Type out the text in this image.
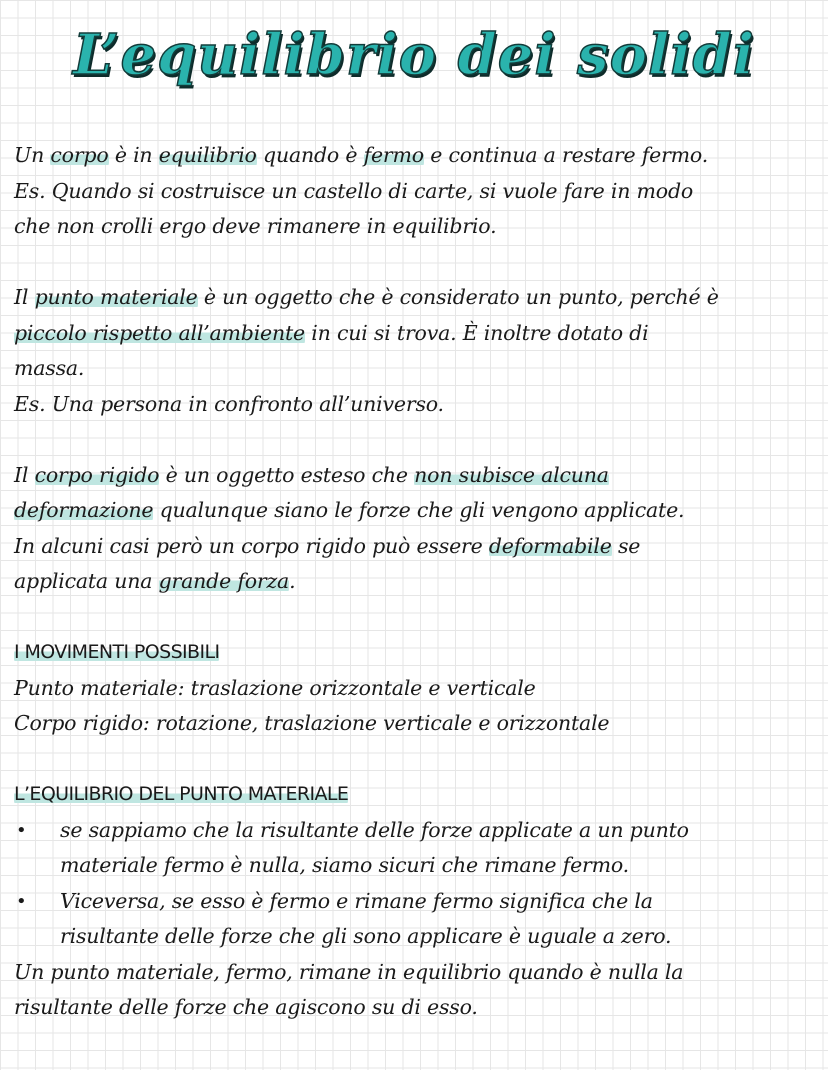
L’equilibrio dei solidi
Un corpo è in equilibrio quando è fermo e continua a restare fermo.
Es. Quando si costruisce un castello di carte, si vuole fare in modo
che non crolli ergo deve rimanere in equilibrio.
Il punto materiale è un oggetto che è considerato un punto, perché è
piccolo rispetto all’ambiente in cui si trova. È inoltre dotato di
massa.
Es. Una persona in confronto all’universo.
Il corpo rigido è un oggetto esteso che non subisce alcuna
deformazione qualunque siano le forze che gli vengono applicate.
In alcuni casi però un corpo rigido può essere deformabile se
applicata una grande forza.
I MOVIMENTI POSSIBILI
Punto materiale: traslazione orizzontale e verticale
Corpo rigido: rotazione, traslazione verticale e orizzontale
L’EQUILIBRIO DEL PUNTO MATERIALE
• se sappiamo che la risultante delle forze applicate a un punto
materiale fermo è nulla, siamo sicuri che rimane fermo.
• Viceversa, se esso è fermo e rimane fermo significa che la
risultante delle forze che gli sono applicare è uguale a zero.
Un punto materiale, fermo, rimane in equilibrio quando è nulla la
risultante delle forze che agiscono su di esso.
